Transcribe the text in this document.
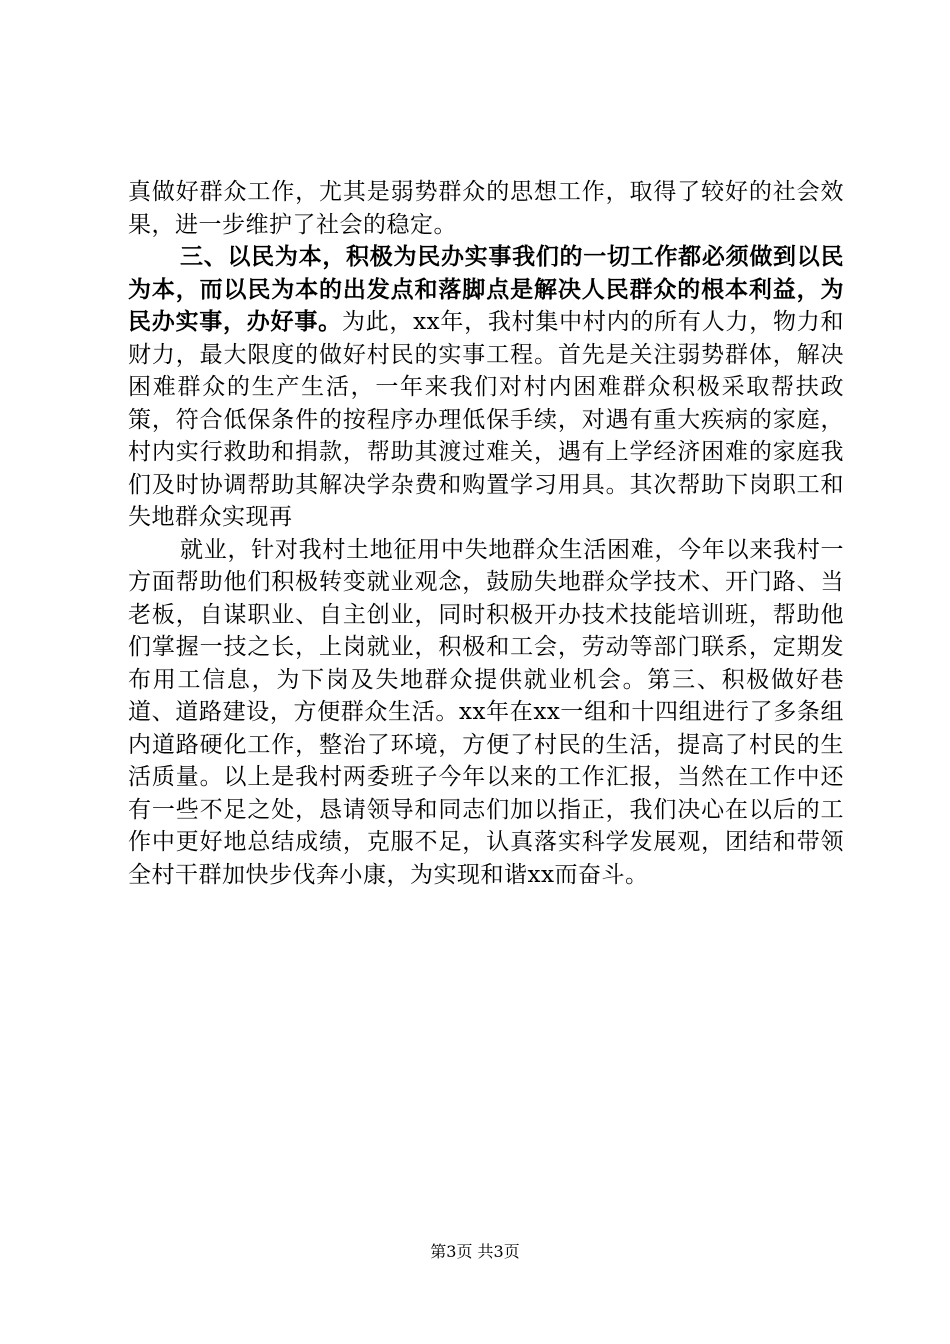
真做好群众工作，尤其是弱势群众的思想工作，取得了较好的社会效果，进一步维护了社会的稳定。

三、以民为本，积极为民办实事我们的一切工作都必须做到以民为本，而以民为本的出发点和落脚点是解决人民群众的根本利益，为民办实事，办好事。为此，xx年，我村集中村内的所有人力，物力和财力，最大限度的做好村民的实事工程。首先是关注弱势群体，解决困难群众的生产生活，一年来我们对村内困难群众积极采取帮扶政策，符合低保条件的按程序办理低保手续，对遇有重大疾病的家庭，村内实行救助和捐款，帮助其渡过难关，遇有上学经济困难的家庭我们及时协调帮助其解决学杂费和购置学习用具。其次帮助下岗职工和失地群众实现再

就业，针对我村土地征用中失地群众生活困难，今年以来我村一方面帮助他们积极转变就业观念，鼓励失地群众学技术、开门路、当老板，自谋职业、自主创业，同时积极开办技术技能培训班，帮助他们掌握一技之长，上岗就业，积极和工会，劳动等部门联系，定期发布用工信息，为下岗及失地群众提供就业机会。第三、积极做好巷道、道路建设，方便群众生活。xx年在xx一组和十四组进行了多条组内道路硬化工作，整治了环境，方便了村民的生活，提高了村民的生活质量。以上是我村两委班子今年以来的工作汇报，当然在工作中还有一些不足之处，恳请领导和同志们加以指正，我们决心在以后的工作中更好地总结成绩，克服不足，认真落实科学发展观，团结和带领全村干群加快步伐奔小康，为实现和谐xx而奋斗。

第3页 共3页
